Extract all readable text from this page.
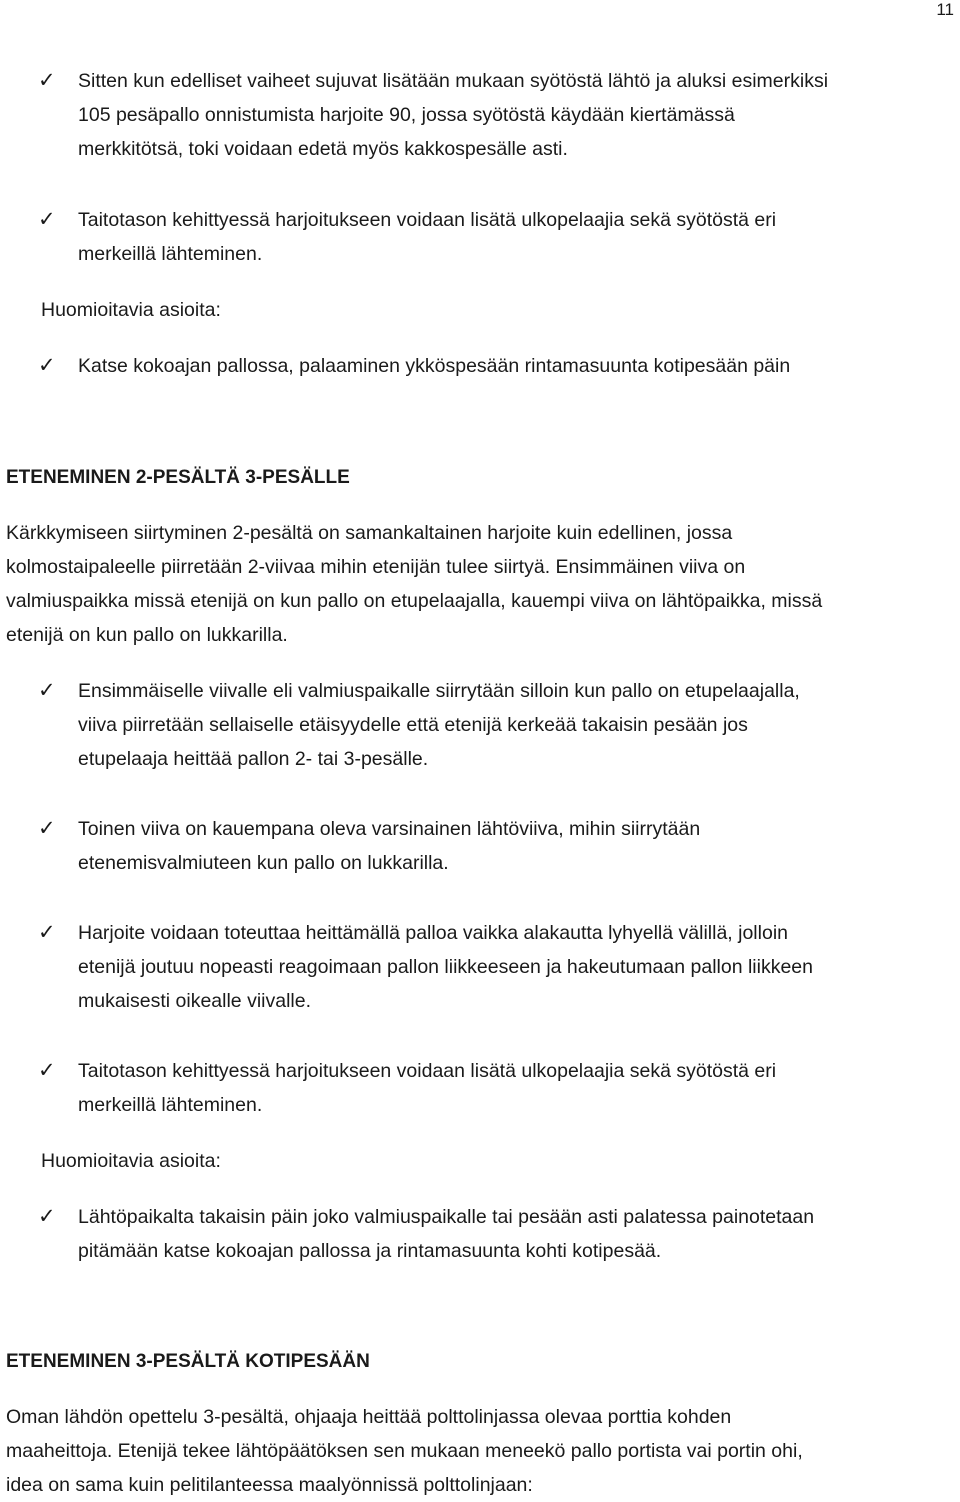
11
✓ Sitten kun edelliset vaiheet sujuvat lisätään mukaan syötöstä lähtö ja aluksi esimerkiksi
105 pesäpallo onnistumista harjoite 90, jossa syötöstä käydään kiertämässä
merkkitötsä, toki voidaan edetä myös kakkospesälle asti.
✓ Taitotason kehittyessä harjoitukseen voidaan lisätä ulkopelaajia sekä syötöstä eri
merkeillä lähteminen.
Huomioitavia asioita:
✓ Katse kokoajan pallossa, palaaminen ykköspesään rintamasuunta kotipesään päin
ETENEMINEN 2-PESÄLTÄ 3-PESÄLLE
Kärkkymiseen siirtyminen 2-pesältä on samankaltainen harjoite kuin edellinen, jossa
kolmostaipaleelle piirretään 2-viivaa mihin etenijän tulee siirtyä. Ensimmäinen viiva on
valmiuspaikka missä etenijä on kun pallo on etupelaajalla, kauempi viiva on lähtöpaikka, missä
etenijä on kun pallo on lukkarilla.
✓ Ensimmäiselle viivalle eli valmiuspaikalle siirrytään silloin kun pallo on etupelaajalla,
viiva piirretään sellaiselle etäisyydelle että etenijä kerkeää takaisin pesään jos
etupelaaja heittää pallon 2- tai 3-pesälle.
✓ Toinen viiva on kauempana oleva varsinainen lähtöviiva, mihin siirrytään
etenemisvalmiuteen kun pallo on lukkarilla.
✓ Harjoite voidaan toteuttaa heittämällä palloa vaikka alakautta lyhyellä välillä, jolloin
etenijä joutuu nopeasti reagoimaan pallon liikkeeseen ja hakeutumaan pallon liikkeen
mukaisesti oikealle viivalle.
✓ Taitotason kehittyessä harjoitukseen voidaan lisätä ulkopelaajia sekä syötöstä eri
merkeillä lähteminen.
Huomioitavia asioita:
✓ Lähtöpaikalta takaisin päin joko valmiuspaikalle tai pesään asti palatessa painotetaan
pitämään katse kokoajan pallossa ja rintamasuunta kohti kotipesää.
ETENEMINEN 3-PESÄLTÄ KOTIPESÄÄN
Oman lähdön opettelu 3-pesältä, ohjaaja heittää polttolinjassa olevaa porttia kohden
maaheittoja. Etenijä tekee lähtöpäätöksen sen mukaan meneekö pallo portista vai portin ohi,
idea on sama kuin pelitilanteessa maalyönnissä polttolinjaan:
